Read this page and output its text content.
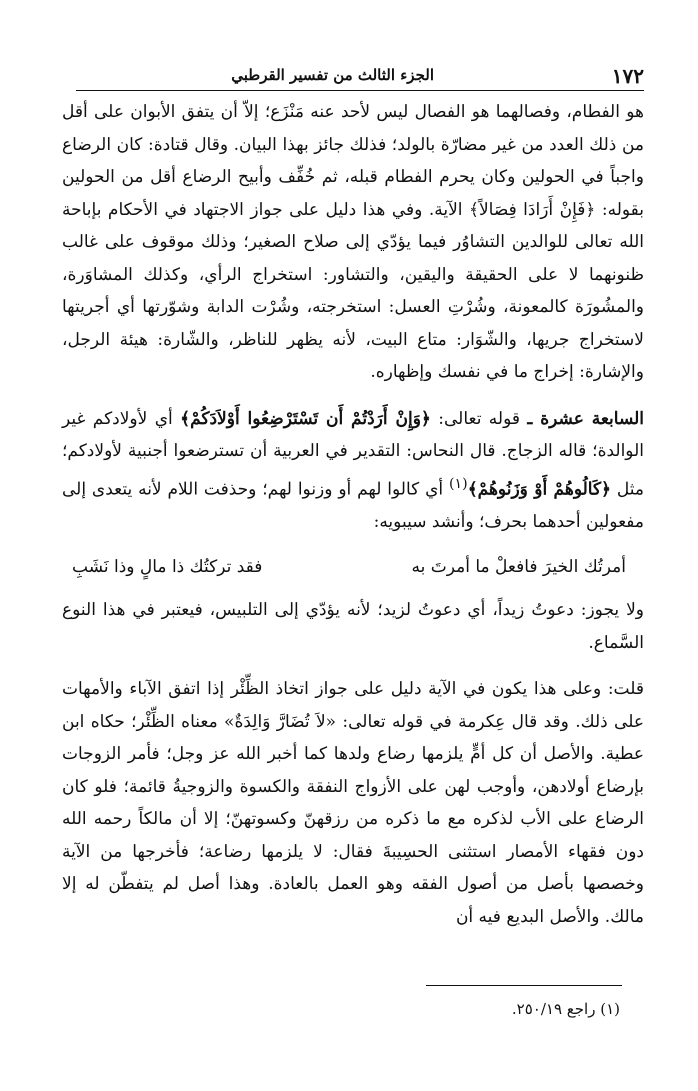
١٧٢
الجزء الثالث من تفسير القرطبي

هو الفطام، وفصالهما هو الفصال ليس لأحد عنه مَنْزَع؛ إلاّ أن يتفق الأبوان على أقل من ذلك العدد من غير مضارّة بالولد؛ فذلك جائز بهذا البيان. وقال قتادة: كان الرضاع واجباً في الحولين وكان يحرم الفطام قبله، ثم خُفِّف وأبيح الرضاع أقل من الحولين بقوله: ﴿فَإِنْ أَرَادَا فِصَالاً﴾ الآية. وفي هذا دليل على جواز الاجتهاد في الأحكام بإباحة الله تعالى للوالدين التشاوُر فيما يؤدّي إلى صلاح الصغير؛ وذلك موقوف على غالب ظنونهما لا على الحقيقة واليقين، والتشاور: استخراج الرأي، وكذلك المشاوَرة، والمشُورَة كالمعونة، وشُرْتِ العسل: استخرجته، وشُرْت الدابة وشوّرتها أي أجريتها لاستخراج جريها، والشّوَار: متاع البيت، لأنه يظهر للناظر، والشّارة: هيئة الرجل، والإشارة: إخراج ما في نفسك وإظهاره.

السابعة عشرة ـ قوله تعالى: ﴿وَإِنْ أَرَدْتُمْ أَن تَسْتَرْضِعُوا أَوْلاَدَكُمْ﴾ أي لأولادكم غير الوالدة؛ قاله الزجاج. قال النحاس: التقدير في العربية أن تسترضعوا أجنبية لأولادكم؛ مثل ﴿كَالُوهُمْ أَوْ وَزَنُوهُمْ﴾$^{(١)}$ أي كالوا لهم أو وزنوا لهم؛ وحذفت اللام لأنه يتعدى إلى مفعولين أحدهما بحرف؛ وأنشد سيبويه:

أمرتُك الخيرَ فافعلْ ما أمرتَ به
فقد تركتُك ذا مالٍ وذا نَشَبِ

ولا يجوز: دعوتُ زيداً، أي دعوتُ لزيد؛ لأنه يؤدّي إلى التلبيس، فيعتبر في هذا النوع السَّماع.

قلت: وعلى هذا يكون في الآية دليل على جواز اتخاذ الظِّئْر إذا اتفق الآباء والأمهات على ذلك. وقد قال عِكرمة في قوله تعالى: «لاَ تُضَارَّ وَالِدَةٌ» معناه الظِّئْر؛ حكاه ابن عطية. والأصل أن كل أمٍّ يلزمها رضاع ولدها كما أخبر الله عز وجل؛ فأمر الزوجات بإرضاع أولادهن، وأوجب لهن على الأزواج النفقة والكسوة والزوجيةُ قائمة؛ فلو كان الرضاع على الأب لذكره مع ما ذكره من رزقهنّ وكسوتهنّ؛ إلا أن مالكاً رحمه الله دون فقهاء الأمصار استثنى الحسِيبةَ فقال: لا يلزمها رضاعة؛ فأخرجها من الآية وخصصها بأصل من أصول الفقه وهو العمل بالعادة. وهذا أصل لم يتفطّن له إلا مالك. والأصل البديع فيه أن

(١) راجع ٢٥٠/١٩.
